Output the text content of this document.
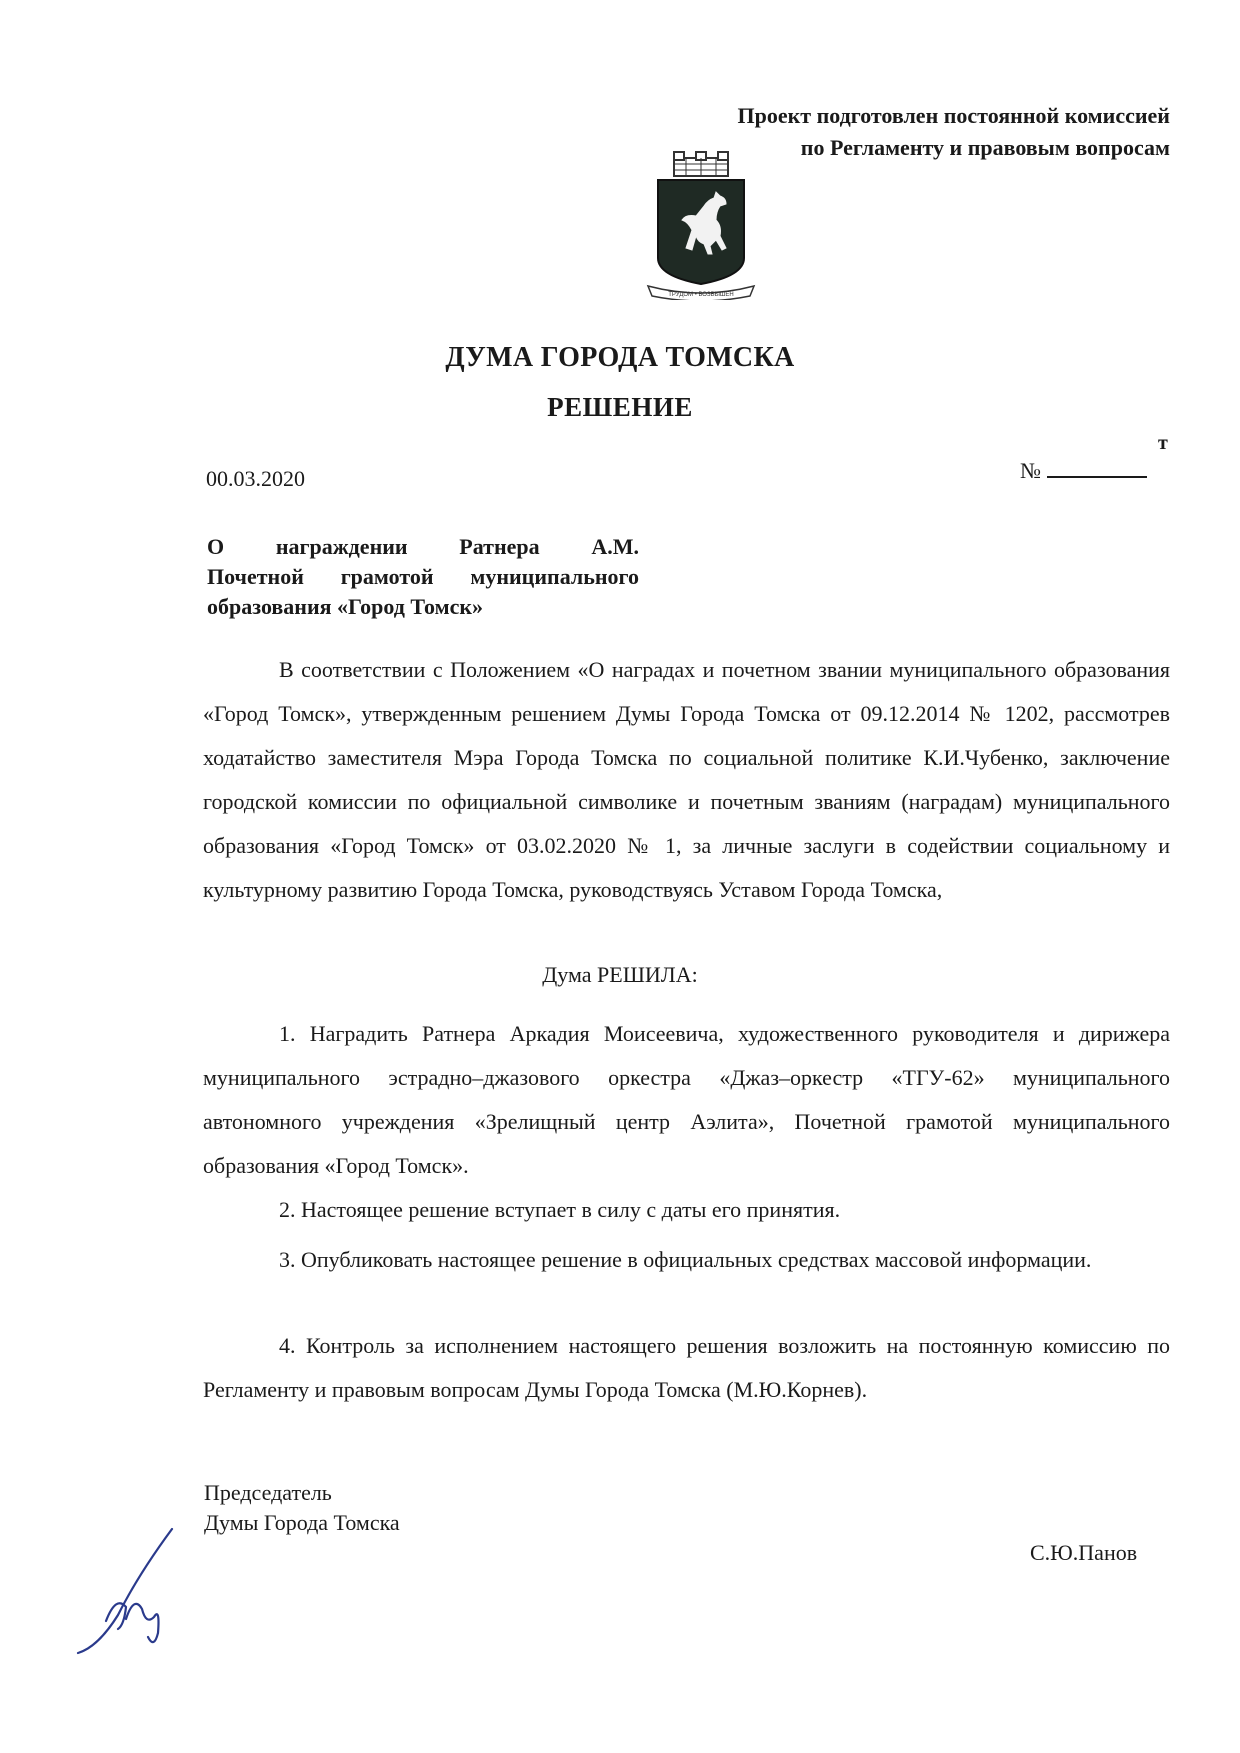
Проект подготовлен постоянной комиссией
по Регламенту и правовым вопросам
ТРУДОМ • ВОЗВЫШЕН
ДУМА ГОРОДА ТОМСКА
РЕШЕНИЕ
00.03.2020
т
№
О награждении Ратнера А.М.
Почетной грамотой муниципального
образования «Город Томск»
В соответствии с Положением «О наградах и почетном звании муниципального образования «Город Томск», утвержденным решением Думы Города Томска от 09.12.2014 № 1202, рассмотрев ходатайство заместителя Мэра Города Томска по социальной политике К.И.Чубенко, заключение городской комиссии по официальной символике и почетным званиям (наградам) муниципального образования «Город Томск» от 03.02.2020 № 1, за личные заслуги в содействии социальному и культурному развитию Города Томска, руководствуясь Уставом Города Томска,
Дума РЕШИЛА:
1. Наградить Ратнера Аркадия Моисеевича, художественного руководителя и дирижера муниципального эстрадно–джазового оркестра «Джаз–оркестр «ТГУ-62» муниципального автономного учреждения «Зрелищный центр Аэлита», Почетной грамотой муниципального образования «Город Томск».
2. Настоящее решение вступает в силу с даты его принятия.
3. Опубликовать настоящее решение в официальных средствах массовой информации.
4. Контроль за исполнением настоящего решения возложить на постоянную комиссию по Регламенту и правовым вопросам Думы Города Томска (М.Ю.Корнев).
Председатель
Думы Города Томска
С.Ю.Панов
